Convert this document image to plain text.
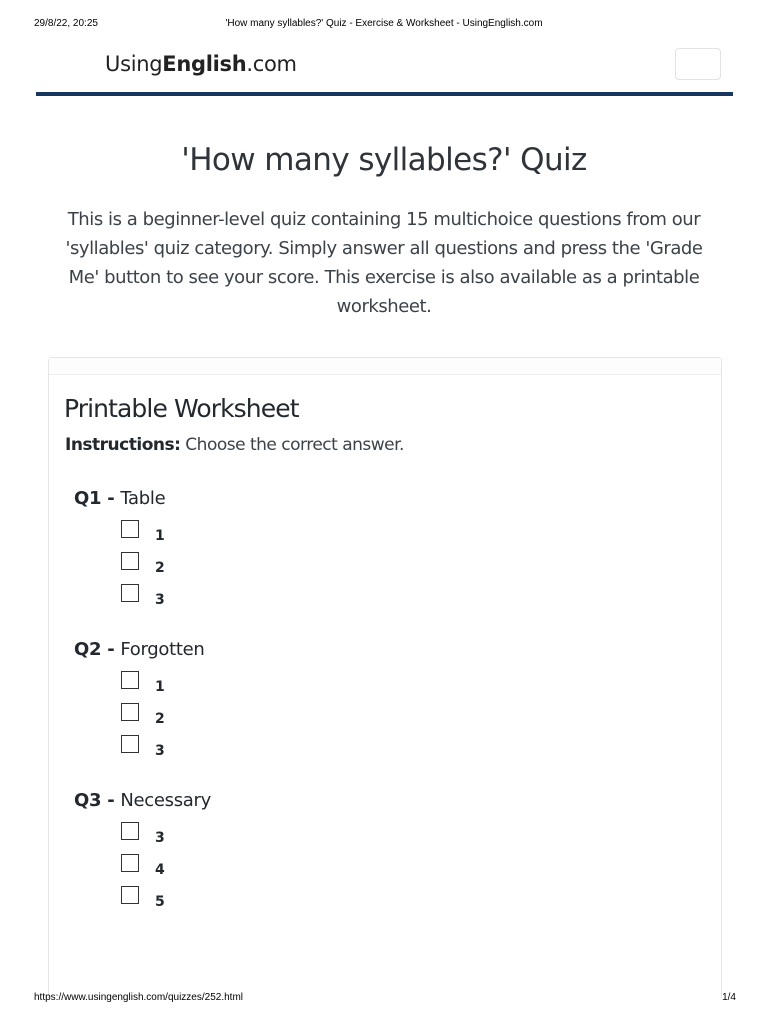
29/8/22, 20:25	'How many syllables?' Quiz - Exercise & Worksheet - UsingEnglish.com
UsingEnglish.com
'How many syllables?' Quiz

This is a beginner-level quiz containing 15 multichoice questions from our 'syllables' quiz category. Simply answer all questions and press the 'Grade Me' button to see your score. This exercise is also available as a printable worksheet.

Printable Worksheet
Instructions: Choose the correct answer.
Q1 - Table
1
2
3
Q2 - Forgotten
1
2
3
Q3 - Necessary
3
4
5
https://www.usingenglish.com/quizzes/252.html	1/4
